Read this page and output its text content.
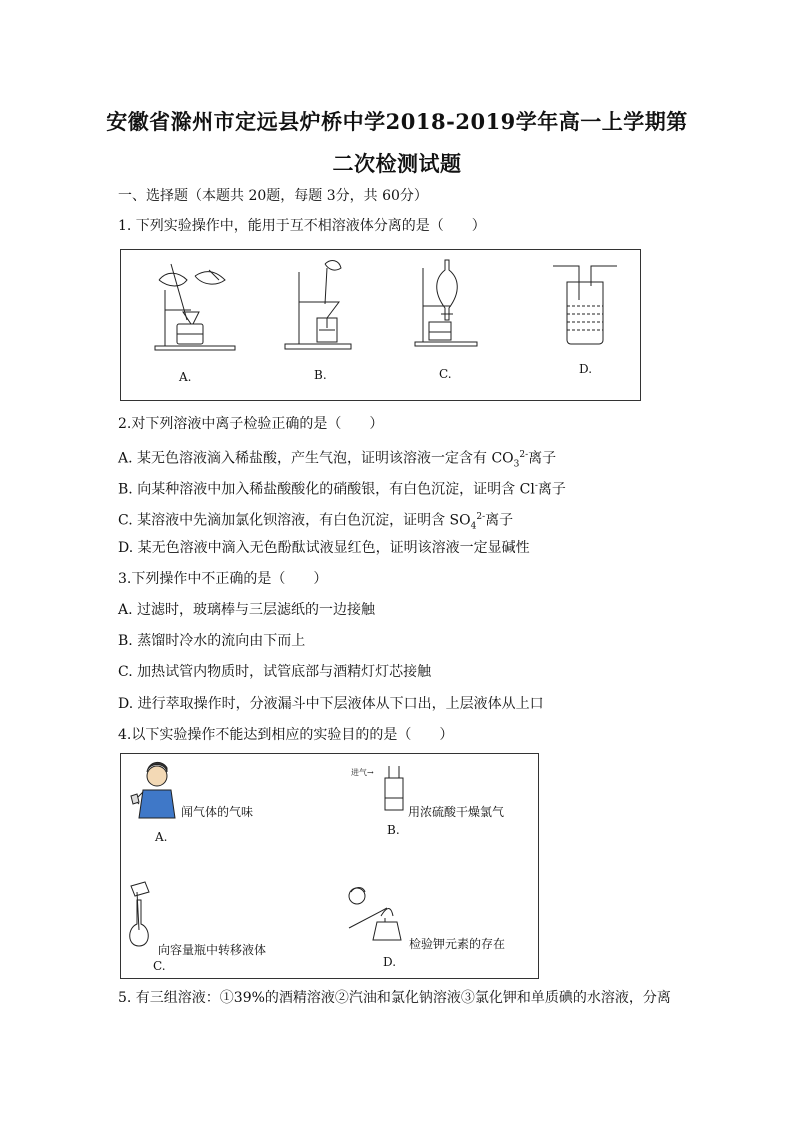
安徽省滁州市定远县炉桥中学2018-2019学年高一上学期第
二次检测试题
一、选择题（本题共 20题，每题 3分，共 60分）
1. 下列实验操作中，能用于互不相溶液体分离的是（　　）
A.	B.	C.	D.
2.对下列溶液中离子检验正确的是（　　）
A. 某无色溶液滴入稀盐酸，产生气泡，证明该溶液一定含有 $CO_3^{2-}$离子
B. 向某种溶液中加入稀盐酸酸化的硝酸银，有白色沉淀，证明含 Cl-离子
C. 某溶液中先滴加氯化钡溶液，有白色沉淀，证明含 $SO_4^{2-}$离子
D. 某无色溶液中滴入无色酚酞试液显红色，证明该溶液一定显碱性
3.下列操作中不正确的是（　　）
A. 过滤时，玻璃棒与三层滤纸的一边接触
B. 蒸馏时冷水的流向由下而上
C. 加热试管内物质时，试管底部与酒精灯灯芯接触
D. 进行萃取操作时，分液漏斗中下层液体从下口出，上层液体从上口
4.以下实验操作不能达到相应的实验目的的是（　　）
闻气体的气味
A.
进气→
用浓硫酸干燥氯气
B.
向容量瓶中转移液体
C.
检验钾元素的存在
D.
5. 有三组溶液：①39%的酒精溶液②汽油和氯化钠溶液③氯化钾和单质碘的水溶液，分离
